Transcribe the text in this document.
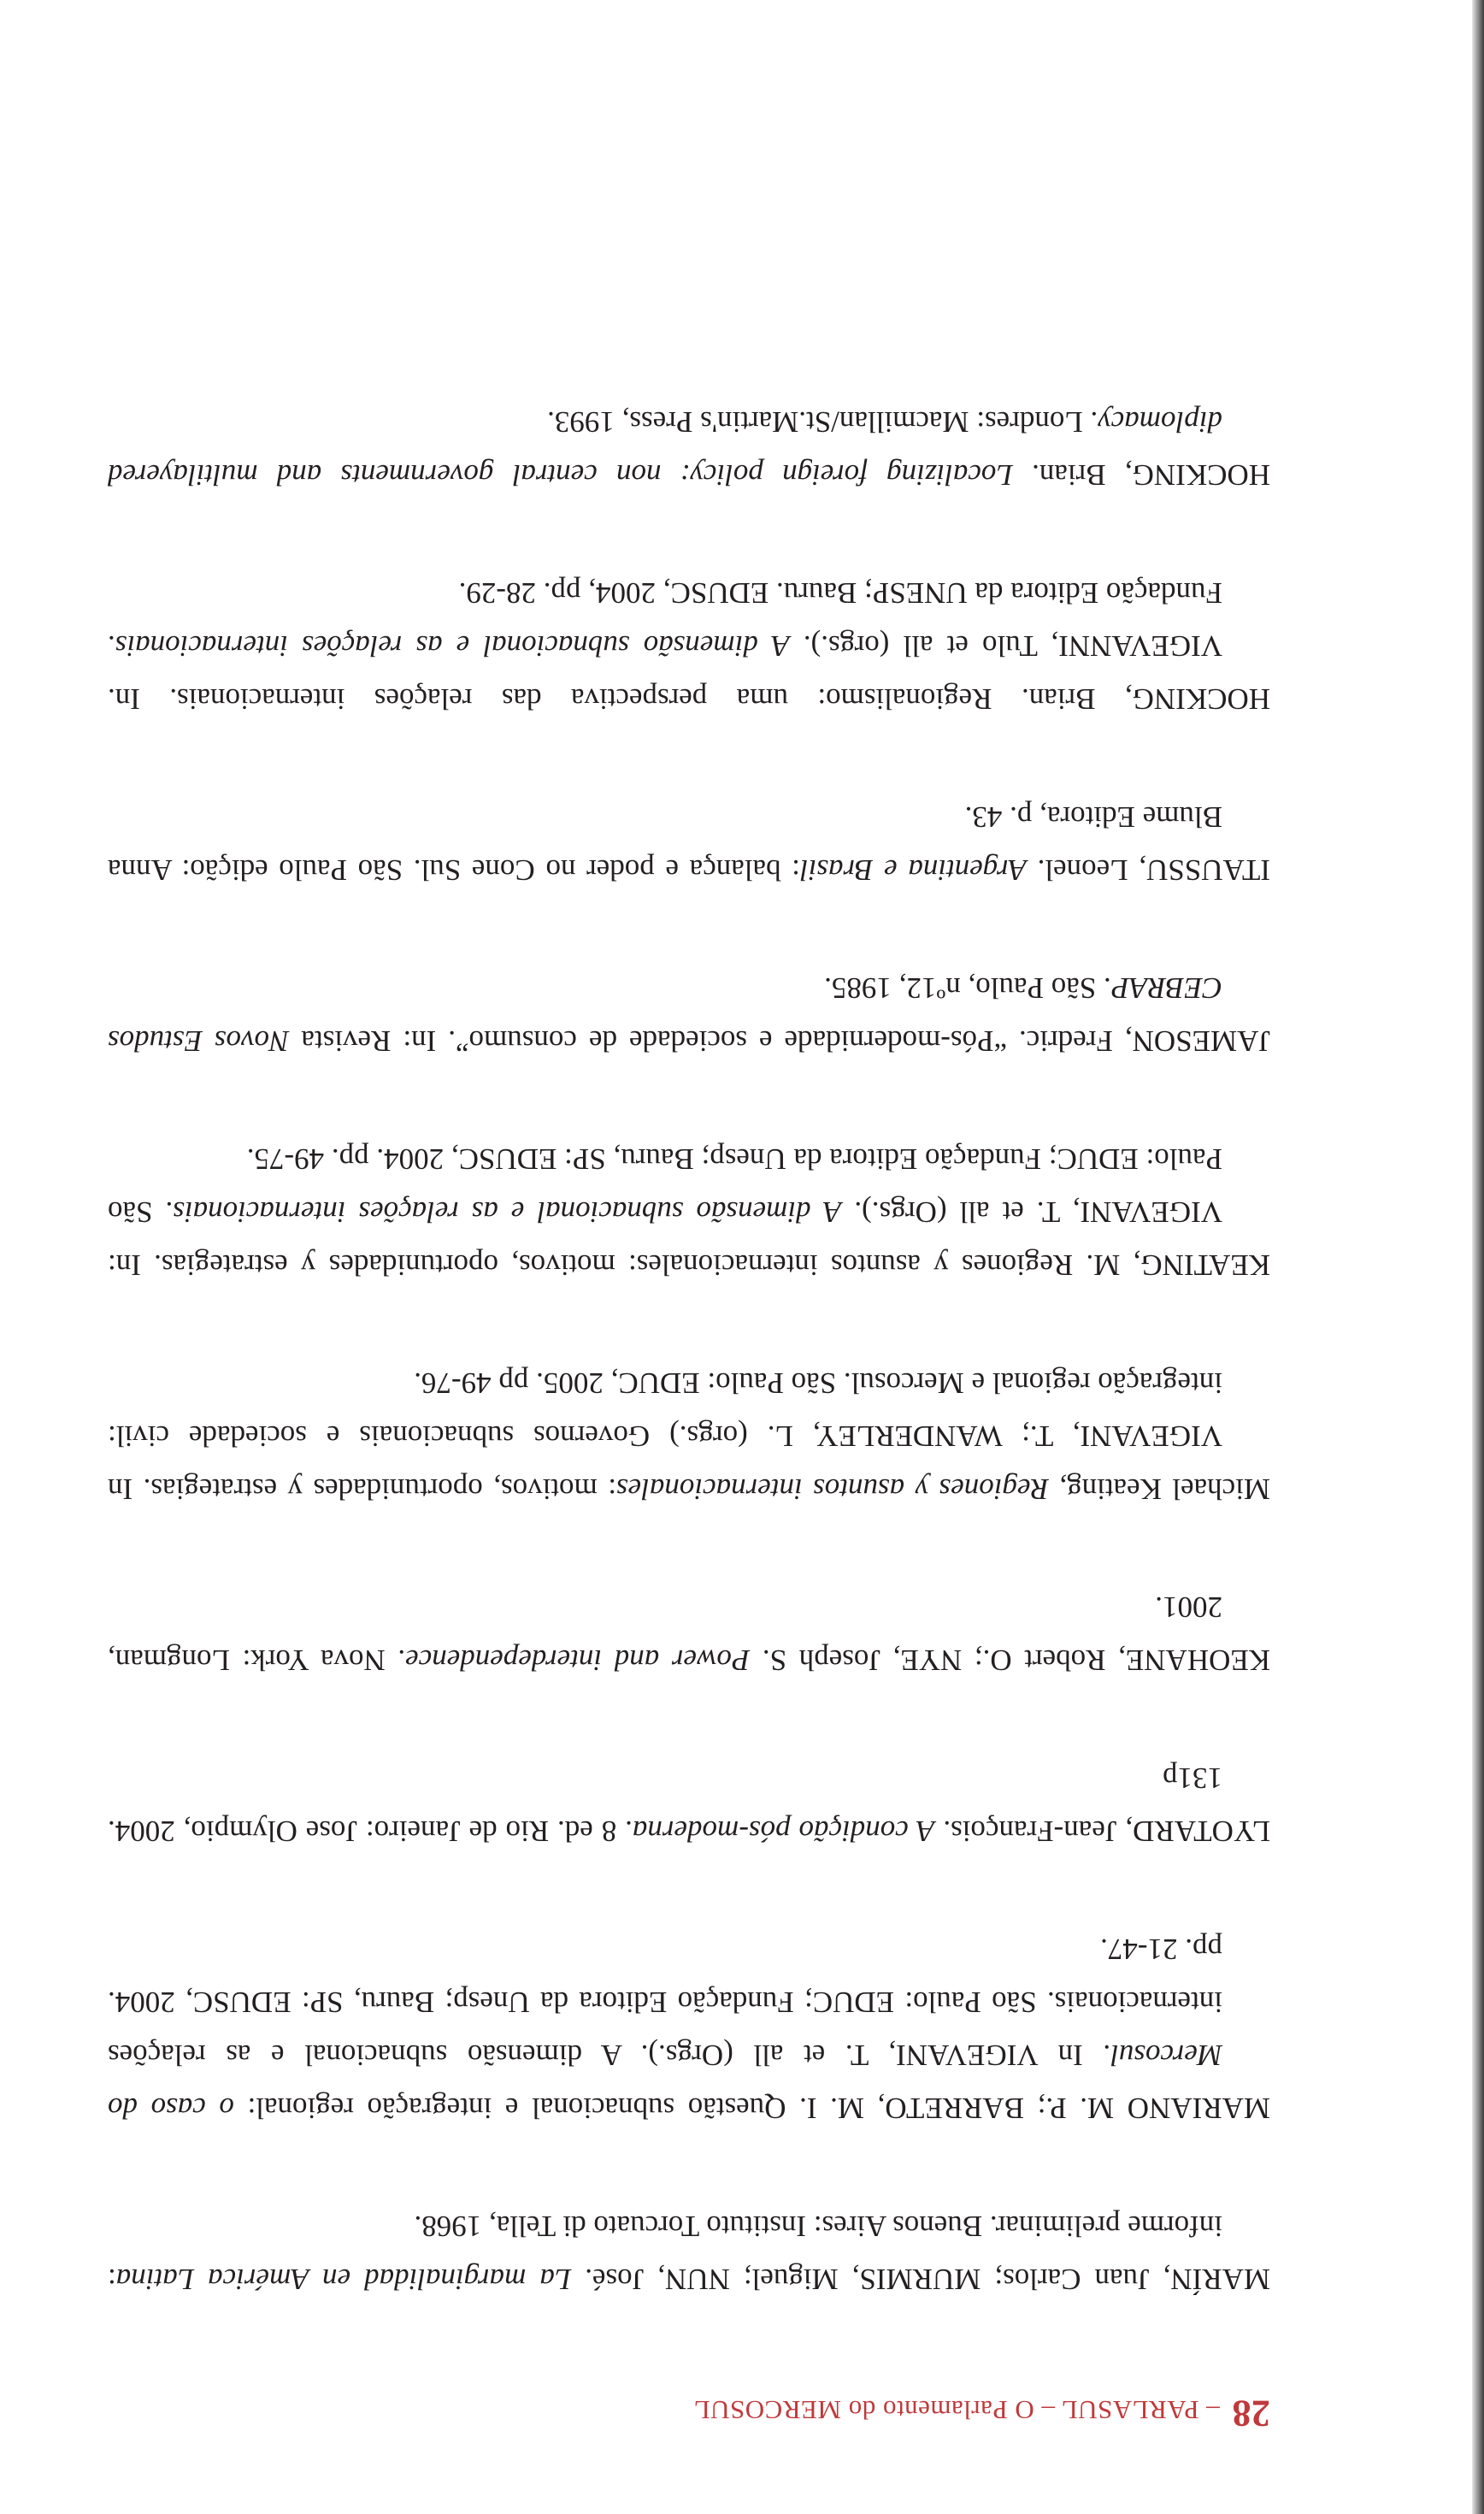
28 – PARLASUL – O Parlamento do MERCOSUL

MARÍN, Juan Carlos; MURMIS, Miguel; NUN, José. La marginalidad en América Latina: informe preliminar. Buenos Aires: Instituto Torcuato di Tella, 1968.

MARIANO M. P.; BARRETO, M. I. Questão subnacional e integração regional: o caso do Mercosul. In VIGEVANI, T. et all (Orgs.). A dimensão subnacional e as relações internacionais. São Paulo: EDUC; Fundação Editora da Unesp; Bauru, SP: EDUSC, 2004. pp. 21-47.

LYOTARD, Jean-François. A condição pós-moderna. 8 ed. Rio de Janeiro: Jose Olympio, 2004. 131p

KEOHANE, Robert O.; NYE, Joseph S. Power and interdependence. Nova York: Longman, 2001.

Michael Keating, Regiones y asuntos internacionales: motivos, oportunidades y estrategias. In VIGEVANI, T.; WANDERLEY, L. (orgs.) Governos subnacionais e sociedade civil: integração regional e Mercosul. São Paulo: EDUC, 2005. pp 49-76.

KEATING, M. Regiones y asuntos internacionales: motivos, oportunidades y estrategias. In: VIGEVANI, T. et all (Orgs.). A dimensão subnacional e as relações internacionais. São Paulo: EDUC; Fundação Editora da Unesp; Bauru, SP: EDUSC, 2004. pp. 49-75.

JAMESON, Fredric. “Pós-modernidade e sociedade de consumo”. In: Revista Novos Estudos CEBRAP. São Paulo, nº12, 1985.

ITAUSSU, Leonel. Argentina e Brasil: balança e poder no Cone Sul. São Paulo edição: Anna Blume Editora, p. 43.

HOCKING, Brian. Regionalismo: uma perspectiva das relações internacionais. In. VIGEVANNI, Tulo et all (orgs.). A dimensão subnacional e as relações internacionais. Fundação Editora da UNESP; Bauru. EDUSC, 2004, pp. 28-29.

HOCKING, Brian. Localizing foreign policy: non central governments and multilayered diplomacy. Londres: Macmillan/St.Martin's Press, 1993.
